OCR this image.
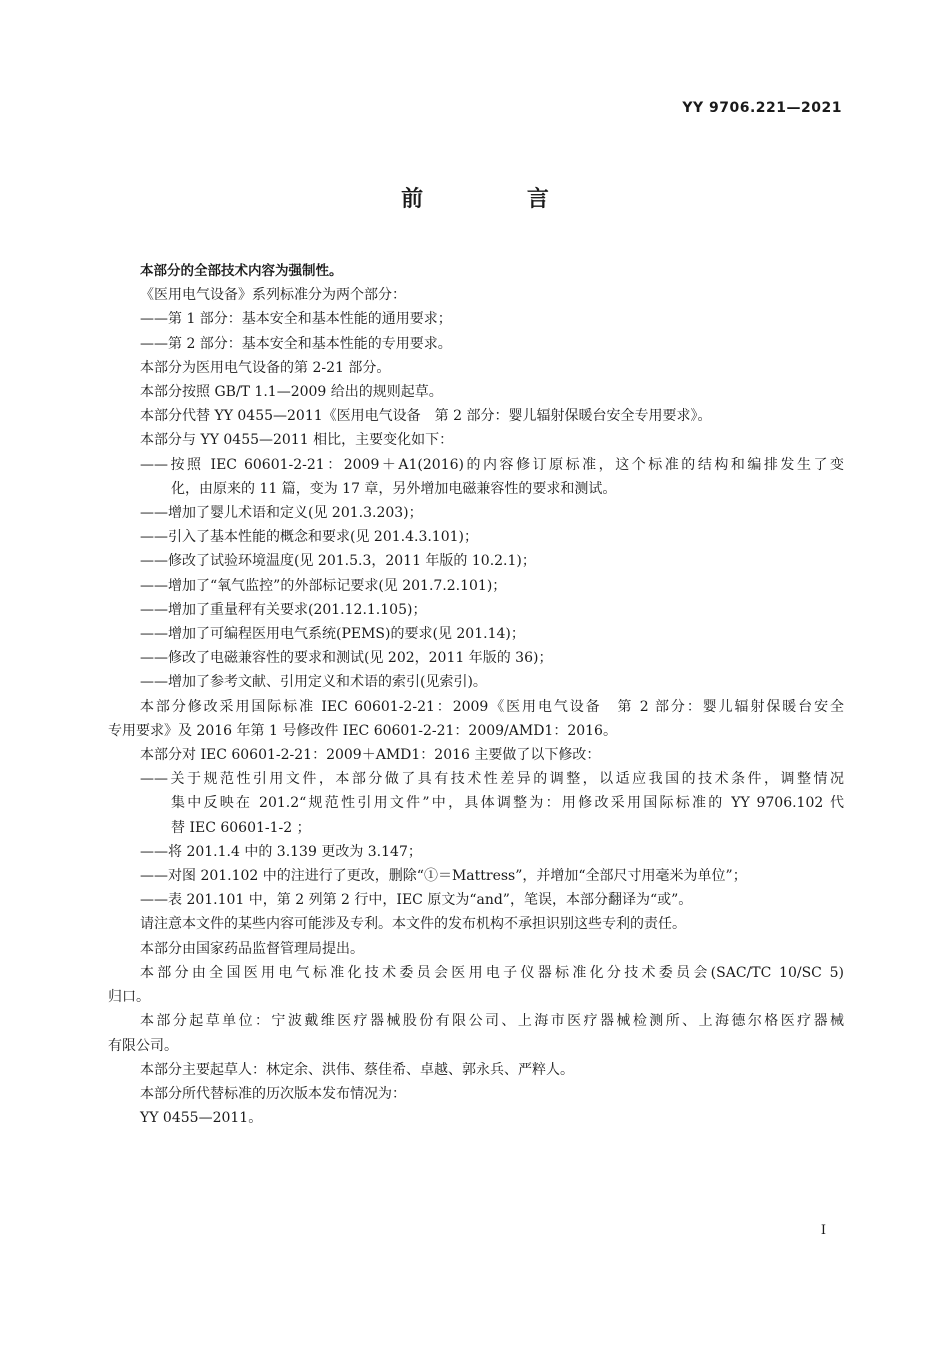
YY 9706.221—2021
前 言

本部分的全部技术内容为强制性。

《医用电气设备》系列标准分为两个部分：

——第 1 部分：基本安全和基本性能的通用要求；

——第 2 部分：基本安全和基本性能的专用要求。

本部分为医用电气设备的第 2-21 部分。

本部分按照 GB/T 1.1—2009 给出的规则起草。

本部分代替 YY 0455—2011《医用电气设备　第 2 部分：婴儿辐射保暖台安全专用要求》。

本部分与 YY 0455—2011 相比，主要变化如下：

——按照 IEC 60601-2-21：2009＋A1(2016)的内容修订原标准，这个标准的结构和编排发生了变

化，由原来的 11 篇，变为 17 章，另外增加电磁兼容性的要求和测试。

——增加了婴儿术语和定义(见 201.3.203)；

——引入了基本性能的概念和要求(见 201.4.3.101)；

——修改了试验环境温度(见 201.5.3，2011 年版的 10.2.1)；

——增加了“氧气监控”的外部标记要求(见 201.7.2.101)；

——增加了重量秤有关要求(201.12.1.105)；

——增加了可编程医用电气系统(PEMS)的要求(见 201.14)；

——修改了电磁兼容性的要求和测试(见 202，2011 年版的 36)；

——增加了参考文献、引用定义和术语的索引(见索引)。

本部分修改采用国际标准 IEC 60601-2-21：2009《医用电气设备　第 2 部分：婴儿辐射保暖台安全

专用要求》及 2016 年第 1 号修改件 IEC 60601-2-21：2009/AMD1：2016。

本部分对 IEC 60601-2-21：2009＋AMD1：2016 主要做了以下修改：

——关于规范性引用文件，本部分做了具有技术性差异的调整，以适应我国的技术条件，调整情况

集中反映在 201.2“规范性引用文件”中，具体调整为：用修改采用国际标准的 YY 9706.102 代

替 IEC 60601-1-2 ；

——将 201.1.4 中的 3.139 更改为 3.147；

——对图 201.102 中的注进行了更改，删除“①＝Mattress”，并增加“全部尺寸用毫米为单位”；

——表 201.101 中，第 2 列第 2 行中，IEC 原文为“and”，笔误，本部分翻译为“或”。

请注意本文件的某些内容可能涉及专利。本文件的发布机构不承担识别这些专利的责任。

本部分由国家药品监督管理局提出。

本部分由全国医用电气标准化技术委员会医用电子仪器标准化分技术委员会(SAC/TC 10/SC 5)

归口。

本部分起草单位：宁波戴维医疗器械股份有限公司、上海市医疗器械检测所、上海德尔格医疗器械

有限公司。

本部分主要起草人：林定余、洪伟、蔡佳希、卓越、郭永兵、严粹人。

本部分所代替标准的历次版本发布情况为：

YY 0455—2011。

I
